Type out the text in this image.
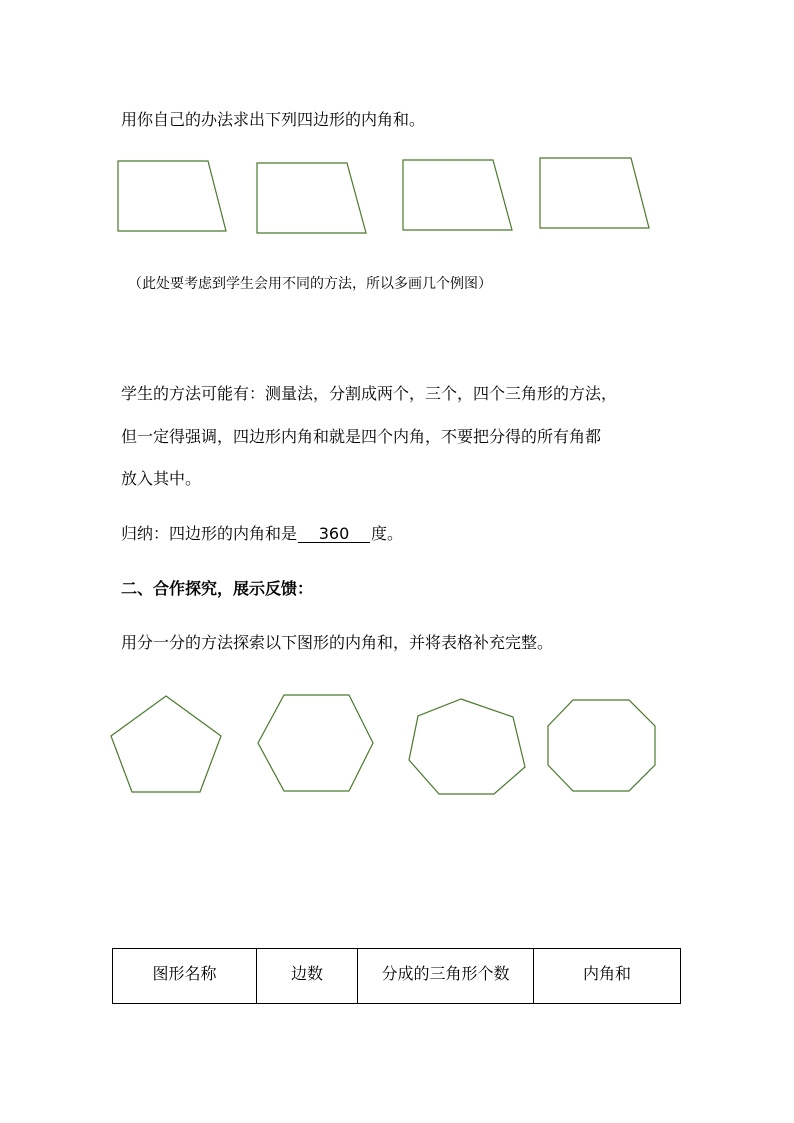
用你自己的办法求出下列四边形的内角和。
（此处要考虑到学生会用不同的方法，所以多画几个例图）
学生的方法可能有：测量法，分割成两个，三个，四个三角形的方法，
但一定得强调，四边形内角和就是四个内角，不要把分得的所有角都
放入其中。
归纳：四边形的内角和是 360 度。
二、合作探究，展示反馈：
用分一分的方法探索以下图形的内角和，并将表格补充完整。
图形名称	边数	分成的三角形个数	内角和
